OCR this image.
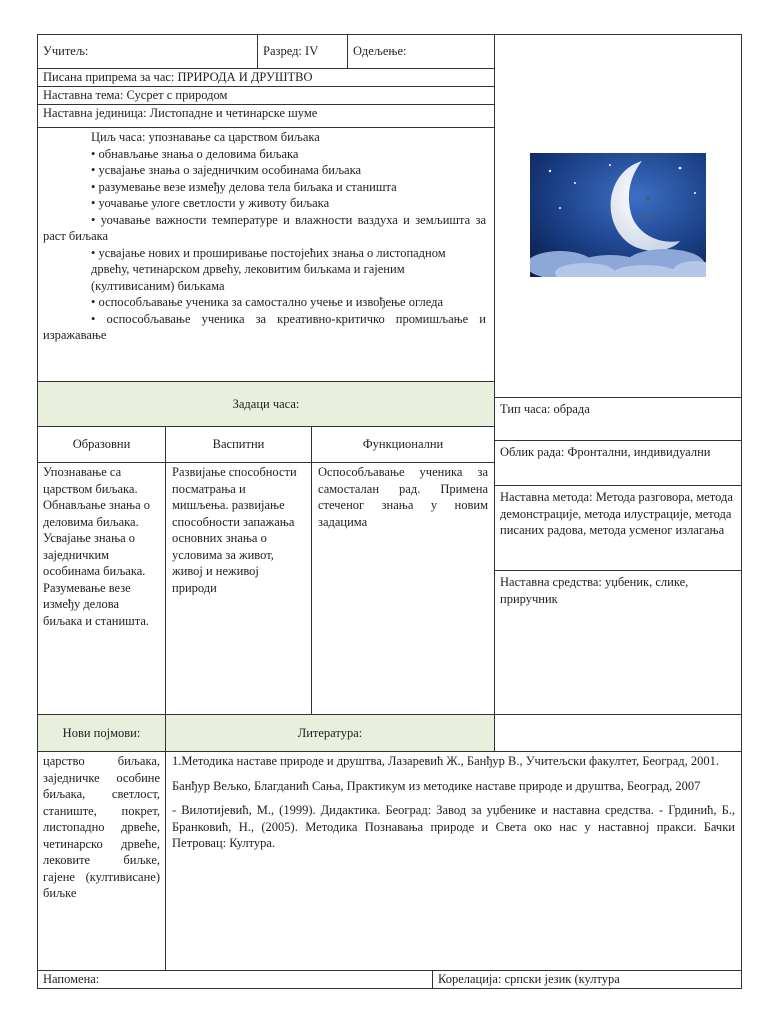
Учитељ:	Разред: IV	Одељење:
Писана припрема за час: ПРИРОДА И ДРУШТВО
Наставна тема: Сусрет с природом
Наставна јединица: Листопадне и четинарске шуме
Циљ часа: упознавање са царством биљака
• обнављање знања о деловима биљака
• усвајање знања о заједничким особинама биљака
• разумевање везе између делова тела биљака и станишта
• уочавање улоге светлости у животу биљака
• уочавање важности температуре и влажности ваздуха и земљишта за раст биљака
• усвајање нових и проширивање постојећих знања о листопадном дрвећу, четинарском дрвећу, лековитим биљкама и гајеним (култивисаним) биљкама
• оспособљавање ученика за самостално учење и извођење огледа
• оспособљавање ученика за креативно-критичко промишљање и изражавање
Задаци часа:
Образовни	Васпитни	Функционални

Упознавање са царством биљака. Обнављање знања о деловима биљака. Усвајање знања о заједничким особинама биљака. Разумевање везе између делова биљака и станишта.

Развијање способности посматрања и мишљења. развијање способности запажања основних знања о условима за живот, живој и неживој природи

Оспособљавање ученика за самосталан рад. Примена стеченог знања у новим задацима

Тип часа: обрада
Облик рада: Фронтални, индивидуални
Наставна метода: Метода разговора, метода демонстрације, метода илустрације, метода писаних радова, метода усменог излагања
Наставна средства: уџбеник, слике, приручник
Нови појмови:	Литература:
царство биљака, заједничке особине биљака, светлост, станиште, покрет, листопадно дрвеће, четинарско дрвеће, лековите биљке, гајене (култивисане) биљке

1.Методика наставе природе и друштва, Лазаревић Ж., Банђур В., Учитељски факултет, Београд, 2001.

Банђур Вељко, Благданић Сања, Практикум из методике наставе природе и друштва, Београд, 2007

- Вилотијевић, М., (1999). Дидактика. Београд: Завод за уџбенике и наставна средства. - Грдинић, Б., Бранковић, Н., (2005). Методика Познавања природе и Света око нас у наставној пракси. Бачки Петровац: Култура.

Напомена:	Корелација: српски језик (култура
